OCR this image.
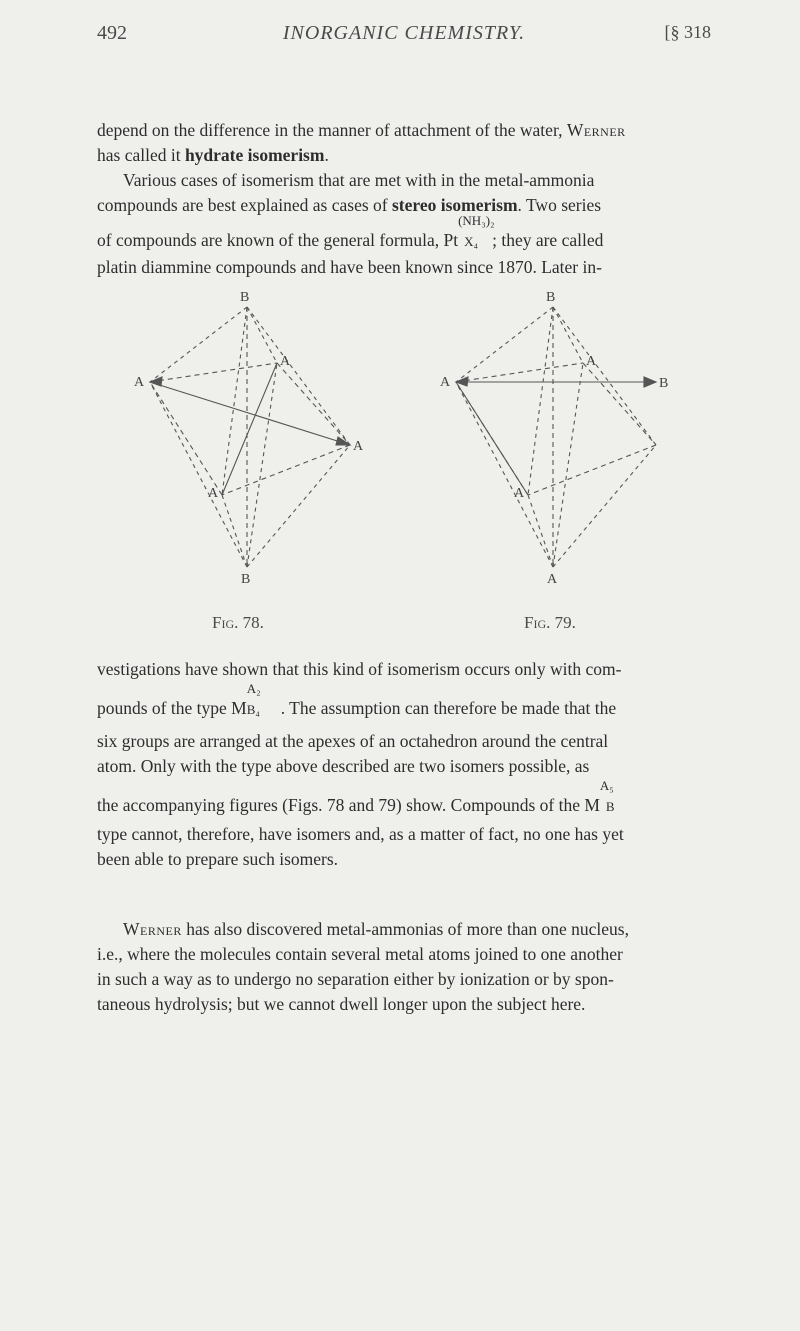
492	INORGANIC CHEMISTRY.	[§ 318
depend on the difference in the manner of attachment of the water, Werner
has called it hydrate isomerism.
Various cases of isomerism that are met with in the metal-ammonia
compounds are best explained as cases of stereo isomerism. Two series
of compounds are known of the general formula, Pt
(NH₃)₂
X₄ ; they are called
platin diammine compounds and have been known since 1870. Later in-
B
B
A
A
A
A
B
A
A	B
A
A
Fig. 78.	Fig. 79.
vestigations have shown that this kind of isomerism occurs only with com-
pounds of the type M
A₂
B₄ . The assumption can therefore be made that the
six groups are arranged at the apexes of an octahedron around the central
atom. Only with the type above described are two isomers possible, as
the accompanying figures (Figs. 78 and 79) show. Compounds of the M
A₅
B
type cannot, therefore, have isomers and, as a matter of fact, no one has yet
been able to prepare such isomers.
Werner has also discovered metal-ammonias of more than one nucleus,
i.e., where the molecules contain several metal atoms joined to one another
in such a way as to undergo no separation either by ionization or by spon-
taneous hydrolysis; but we cannot dwell longer upon the subject here.
